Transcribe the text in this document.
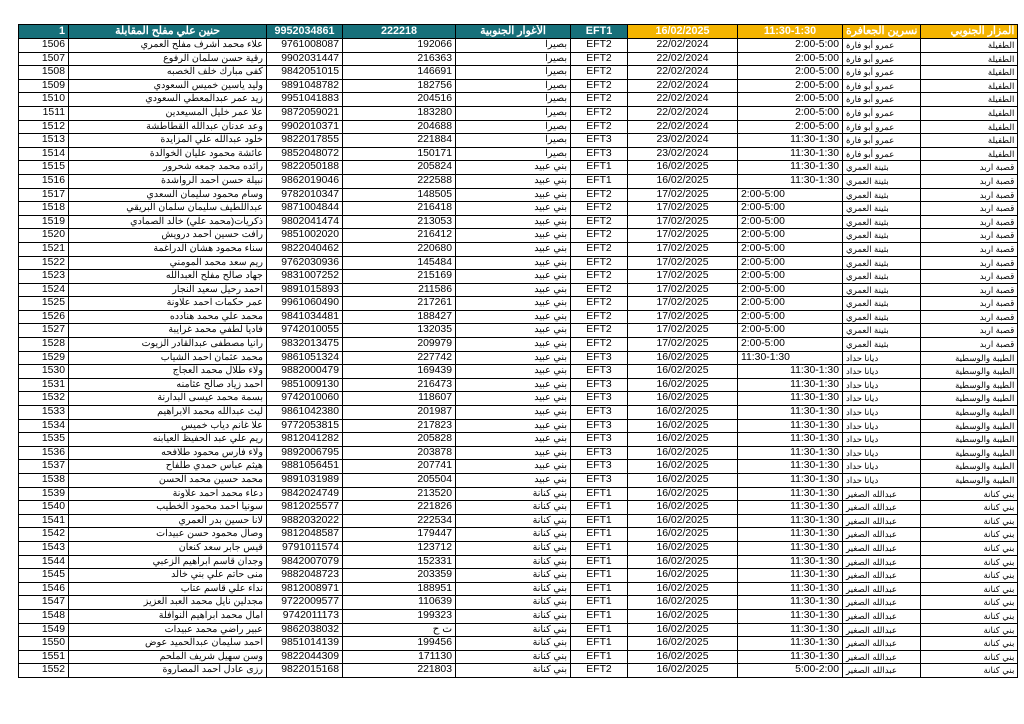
1	حنين علي مفلح المقابلة	9952034861	222218	الأغوار الجنوبية	EFT1	16/02/2025	11:30-1:30	نسرين الجعافرة	المزار الجنوبي
1506	علاء محمد أشرف مفلح العمري	9761008087	192066	بصيرا	EFT2	22/02/2024	2:00-5:00	عمرو أبو فارة	الطفيلة
1507	رقية حسن سلمان الرفوع	9902031447	216363	بصيرا	EFT2	22/02/2024	2:00-5:00	عمرو أبو فارة	الطفيلة
1508	كفى مبارك خلف الخصبه	9842051015	146691	بصيرا	EFT2	22/02/2024	2:00-5:00	عمرو أبو فارة	الطفيلة
1509	وليد ياسين خميس السعودي	9891048782	182756	بصيرا	EFT2	22/02/2024	2:00-5:00	عمرو أبو فارة	الطفيلة
1510	زيد عمر عبدالمعطي السعودي	9951041883	204516	بصيرا	EFT2	22/02/2024	2:00-5:00	عمرو أبو فارة	الطفيلة
1511	علا عمر خليل المسيعدين	9872059021	183280	بصيرا	EFT2	22/02/2024	2:00-5:00	عمرو أبو فارة	الطفيلة
1512	وعد عدنان عبدالله القطاطشة	9902010371	204688	بصيرا	EFT2	22/02/2024	2:00-5:00	عمرو أبو فارة	الطفيلة
1513	خلود عبدالله علي المزايدة	9822017855	221884	بصيرا	EFT3	23/02/2024	11:30-1:30	عمرو أبو فارة	الطفيلة
1514	عائشة محمود عليان الخوالدة	9852048072	150171	بصيرا	EFT3	23/02/2024	11:30-1:30	عمرو أبو فارة	الطفيلة
1515	رائده محمد جمعه شحرور	9822050188	205824	بني عبيد	EFT1	16/02/2025	11:30-1:30	بثينة العمري	قصبة اربد
1516	نبيلة حسن أحمد الرواشدة	9862019046	222588	بني عبيد	EFT1	16/02/2025	11:30-1:30	بثينة العمري	قصبة اربد
1517	وسام محمود سليمان السعدي	9782010347	148505	بني عبيد	EFT2	17/02/2025	2:00-5:00	بثينة العمري	قصبة اربد
1518	عبداللطيف سليمان سلمان البريقي	9871004844	216418	بني عبيد	EFT2	17/02/2025	2:00-5:00	بثينة العمري	قصبة اربد
1519	ذكريات(محمد علي) خالد الصمادي	9802041474	213053	بني عبيد	EFT2	17/02/2025	2:00-5:00	بثينة العمري	قصبة اربد
1520	رافت حسين احمد درويش	9851002020	216412	بني عبيد	EFT2	17/02/2025	2:00-5:00	بثينة العمري	قصبة اربد
1521	سناء محمود هشان الدراغمة	9822040462	220680	بني عبيد	EFT2	17/02/2025	2:00-5:00	بثينة العمري	قصبة اربد
1522	ريم سعد محمد المومني	9762030936	145484	بني عبيد	EFT2	17/02/2025	2:00-5:00	بثينة العمري	قصبة اربد
1523	جهاد صالح مفلح العبدالله	9831007252	215169	بني عبيد	EFT2	17/02/2025	2:00-5:00	بثينة العمري	قصبة اربد
1524	احمد رحيل سعيد النجار	9891015893	211586	بني عبيد	EFT2	17/02/2025	2:00-5:00	بثينة العمري	قصبة اربد
1525	عمر حكمات احمد علاونة	9961060490	217261	بني عبيد	EFT2	17/02/2025	2:00-5:00	بثينة العمري	قصبة اربد
1526	محمد علي محمد هنادده	9841034481	188427	بني عبيد	EFT2	17/02/2025	2:00-5:00	بثينة العمري	قصبة اربد
1527	فاديا لطفي محمد غرايبة	9742010055	132035	بني عبيد	EFT2	17/02/2025	2:00-5:00	بثينة العمري	قصبة اربد
1528	رانيا مصطفى عبدالقادر الزيوت	9832013475	209979	بني عبيد	EFT2	17/02/2025	2:00-5:00	بثينة العمري	قصبة اربد
1529	محمد عثمان احمد الشياب	9861051324	227742	بني عبيد	EFT3	16/02/2025	11:30-1:30	ديانا حداد	الطيبة والوسطية
1530	ولاء طلال محمد العجاج	9882000479	169439	بني عبيد	EFT3	16/02/2025	11:30-1:30	ديانا حداد	الطيبة والوسطية
1531	احمد زياد صالح عثامنه	9851009130	216473	بني عبيد	EFT3	16/02/2025	11:30-1:30	ديانا حداد	الطيبة والوسطية
1532	بسمة محمد عيسى البدارنة	9742010060	118607	بني عبيد	EFT3	16/02/2025	11:30-1:30	ديانا حداد	الطيبة والوسطية
1533	ليث عبدالله محمد الابراهيم	9861042380	201987	بني عبيد	EFT3	16/02/2025	11:30-1:30	ديانا حداد	الطيبة والوسطية
1534	علا غانم دياب خميس	9772053815	217823	بني عبيد	EFT3	16/02/2025	11:30-1:30	ديانا حداد	الطيبة والوسطية
1535	ريم علي عبد الحفيظ العيابنه	9812041282	205828	بني عبيد	EFT3	16/02/2025	11:30-1:30	ديانا حداد	الطيبة والوسطية
1536	ولاء فارس محمود طلافحه	9892006795	203878	بني عبيد	EFT3	16/02/2025	11:30-1:30	ديانا حداد	الطيبة والوسطية
1537	هيثم عباس حمدي طلفاح	9881056451	207741	بني عبيد	EFT3	16/02/2025	11:30-1:30	ديانا حداد	الطيبة والوسطية
1538	محمد حسين محمد الحسن	9891031989	205504	بني عبيد	EFT3	16/02/2025	11:30-1:30	ديانا حداد	الطيبة والوسطية
1539	دعاء محمد احمد علاونة	9842024749	213520	بني كنانة	EFT1	16/02/2025	11:30-1:30	عبدالله الصغير	بني كنانة
1540	سونيا احمد محمود الخطيب	9812025577	221826	بني كنانة	EFT1	16/02/2025	11:30-1:30	عبدالله الصغير	بني كنانة
1541	لانا حسين بدر العمري	9882032022	222534	بني كنانة	EFT1	16/02/2025	11:30-1:30	عبدالله الصغير	بني كنانة
1542	وصال محمود حسن عبيدات	9812048587	179447	بني كنانة	EFT1	16/02/2025	11:30-1:30	عبدالله الصغير	بني كنانة
1543	قيس جابر سعد كنعان	9791011574	123712	بني كنانة	EFT1	16/02/2025	11:30-1:30	عبدالله الصغير	بني كنانة
1544	وجدان قاسم ابراهيم الزعبي	9842007079	152331	بني كنانة	EFT1	16/02/2025	11:30-1:30	عبدالله الصغير	بني كنانة
1545	منى حاتم علي بني خالد	9882048723	203359	بني كنانة	EFT1	16/02/2025	11:30-1:30	عبدالله الصغير	بني كنانة
1546	نداء علي قاسم عتاب	9812008971	188951	بني كنانة	EFT1	16/02/2025	11:30-1:30	عبدالله الصغير	بني كنانة
1547	مجدلين نايل محمد العبد العزيز	9722009577	110639	بني كنانة	EFT1	16/02/2025	11:30-1:30	عبدالله الصغير	بني كنانة
1548	امال محمد ابراهيم النوافلة	9742011173	199323	بني كنانة	EFT1	16/02/2025	11:30-1:30	عبدالله الصغير	بني كنانة
1549	عبير راضي محمد عبيدات	9862038032	ت ح	بني كنانة	EFT1	16/02/2025	11:30-1:30	عبدالله الصغير	بني كنانة
1550	احمد سليمان عبدالحميد عوض	9851014139	199456	بني كنانة	EFT1	16/02/2025	11:30-1:30	عبدالله الصغير	بني كنانة
1551	وسن سهيل شريف الملحم	9822044309	171130	بني كنانة	EFT1	16/02/2025	11:30-1:30	عبدالله الصغير	بني كنانة
1552	رزى عادل أحمد المصاروة	9822015168	221803	بني كنانة	EFT2	16/02/2025	5:00-2:00	عبدالله الصغير	بني كنانة
